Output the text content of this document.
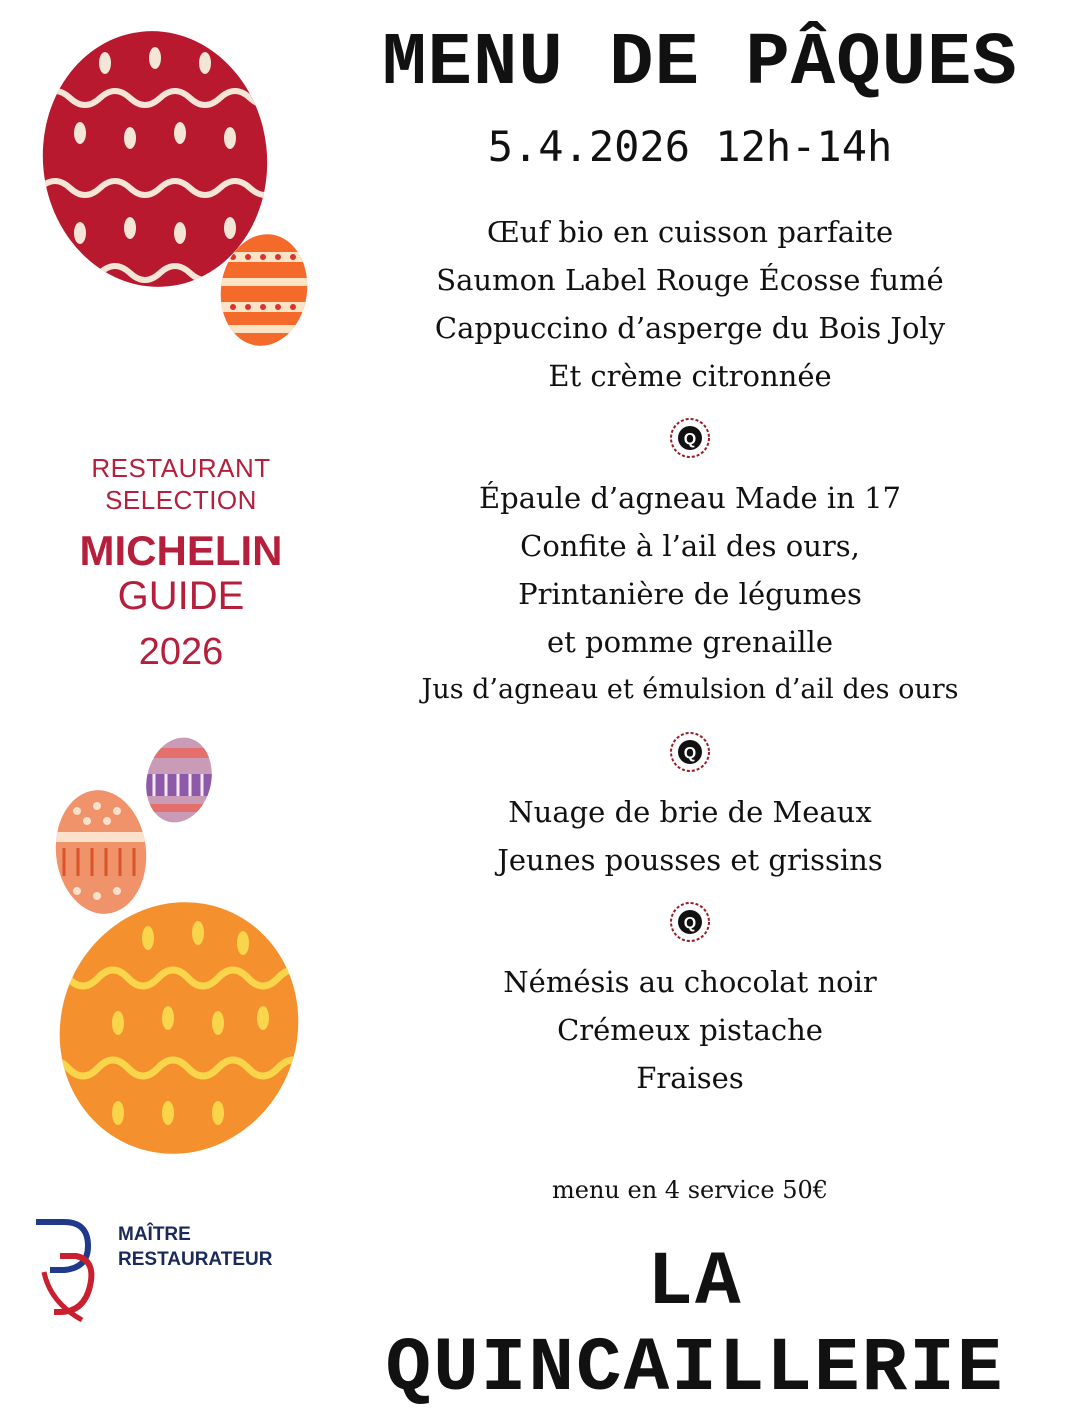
RESTAURANT
SELECTION
MICHELIN
GUIDE
2026
MENU DE PÂQUES
5.4.2026 12h-14h
Œuf bio en cuisson parfaite
Saumon Label Rouge Écosse fumé
Cappuccino d’asperge du Bois Joly
Et crème citronnée
Q
Épaule d’agneau Made in 17
Confite à l’ail des ours,
Printanière de légumes
et pomme grenaille
Jus d’agneau et émulsion d’ail des ours
Q
Nuage de brie de Meaux
Jeunes pousses et grissins
Q
Némésis au chocolat noir
Crémeux pistache
Fraises
menu en 4 service 50€
MAÎTRE
RESTAURATEUR	LA QUINCAILLERIE
